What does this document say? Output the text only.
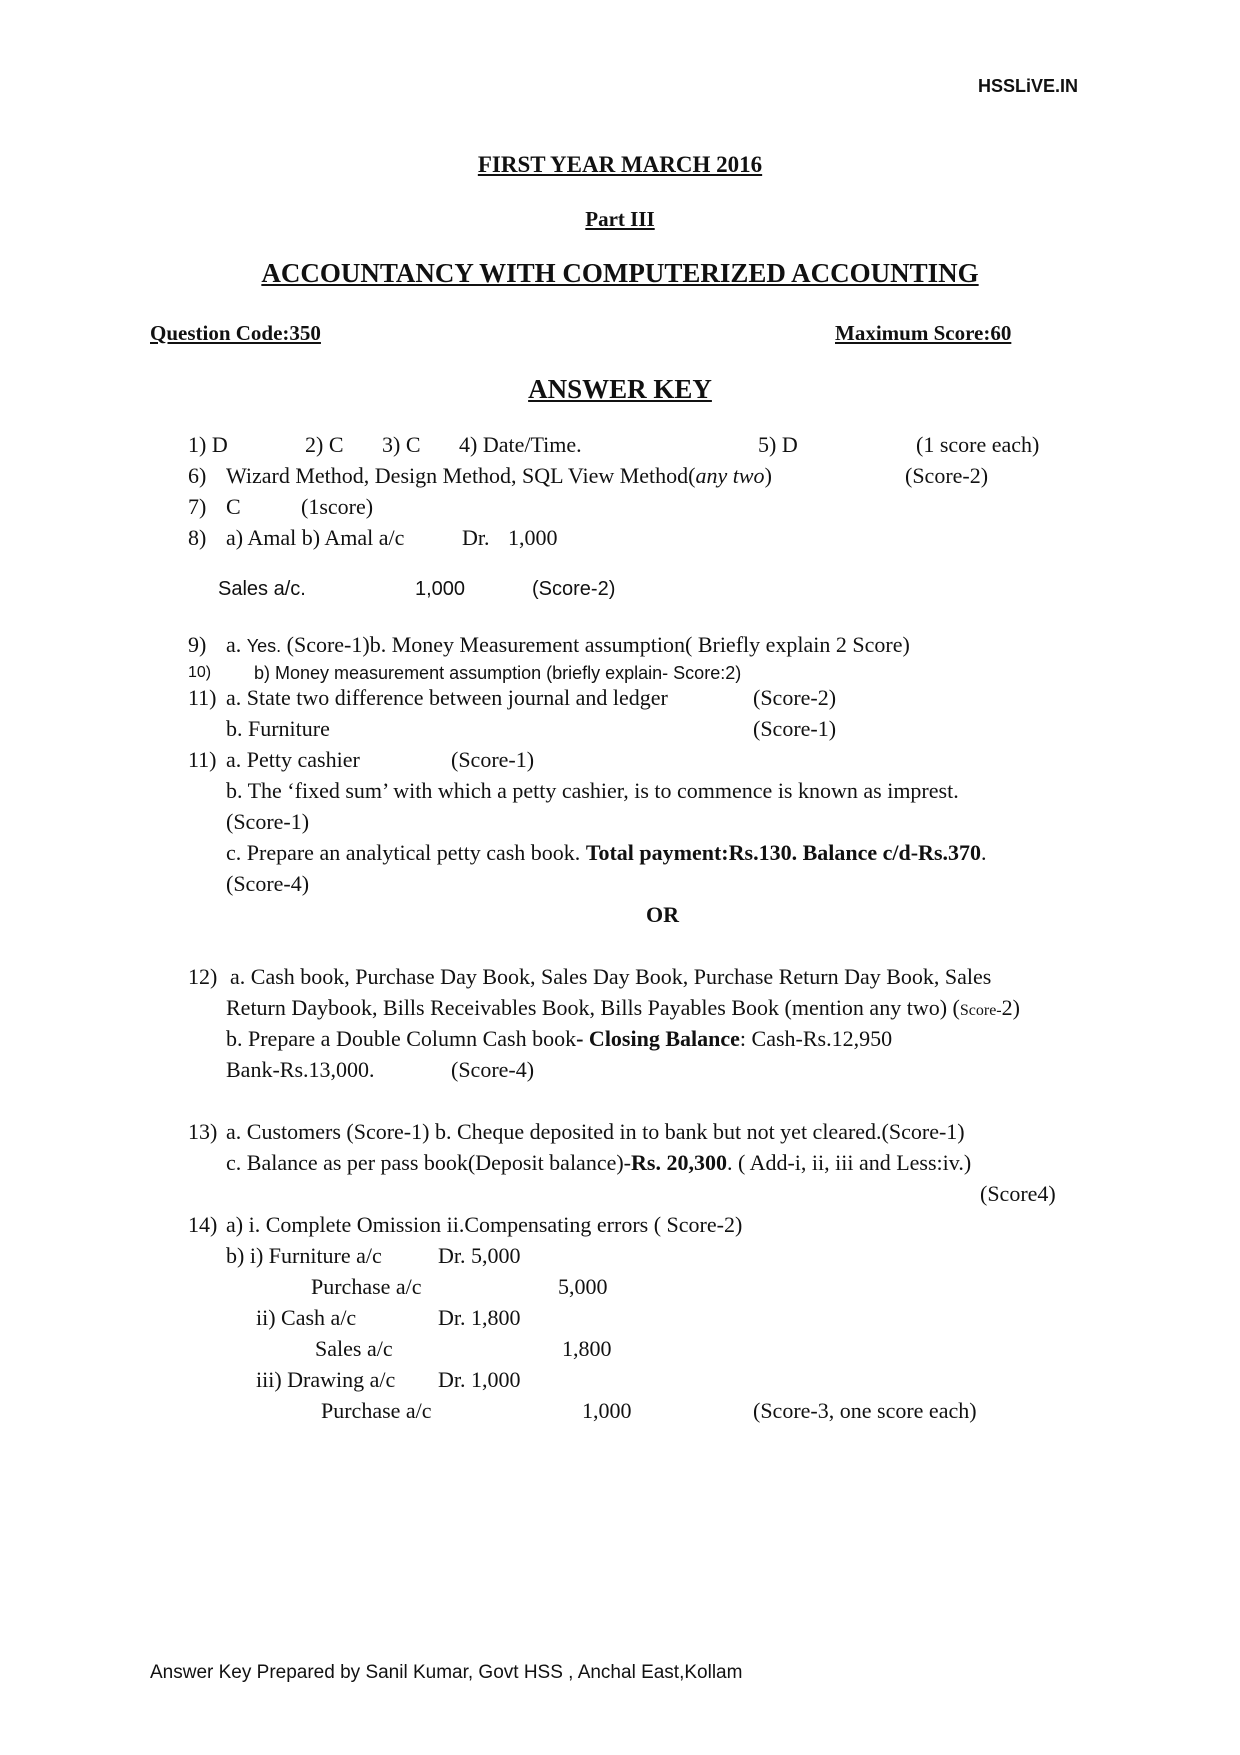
HSSLiVE.IN
FIRST YEAR MARCH 2016
Part III
ACCOUNTANCY WITH COMPUTERIZED ACCOUNTING
Question Code:350	Maximum Score:60
ANSWER KEY
1) D	2) C 3) C 4) Date/Time.	5) D	(1 score each)
6) Wizard Method, Design Method, SQL View Method(any two)	(Score-2)
7) C	(1score)
8) a) Amal b) Amal a/c	Dr. 1,000
Sales a/c.	1,000	(Score-2)
9) a. Yes. (Score-1)b. Money Measurement assumption( Briefly explain 2 Score)
10) b) Money measurement assumption (briefly explain- Score:2)
11) a. State two difference between journal and ledger	(Score-2)
b. Furniture	(Score-1)
11) a. Petty cashier	(Score-1)
b. The ‘fixed sum’ with which a petty cashier, is to commence is known as imprest.
(Score-1)
c. Prepare an analytical petty cash book. Total payment:Rs.130. Balance c/d-Rs.370.
(Score-4)
OR
12) a. Cash book, Purchase Day Book, Sales Day Book, Purchase Return Day Book, Sales
Return Daybook, Bills Receivables Book, Bills Payables Book (mention any two) (Score-2)
b. Prepare a Double Column Cash book- Closing Balance: Cash-Rs.12,950
Bank-Rs.13,000.	(Score-4)
13) a. Customers (Score-1) b. Cheque deposited in to bank but not yet cleared.(Score-1)
c. Balance as per pass book(Deposit balance)-Rs. 20,300. ( Add-i, ii, iii and Less:iv.)
(Score4)
14) a) i. Complete Omission ii.Compensating errors ( Score-2)
b) i) Furniture a/c	Dr. 5,000
Purchase a/c	5,000
ii) Cash a/c	Dr. 1,800
Sales a/c	1,800
iii) Drawing a/c Dr. 1,000
Purchase a/c	1,000	(Score-3, one score each)
Answer Key Prepared by Sanil Kumar, Govt HSS , Anchal East,Kollam
